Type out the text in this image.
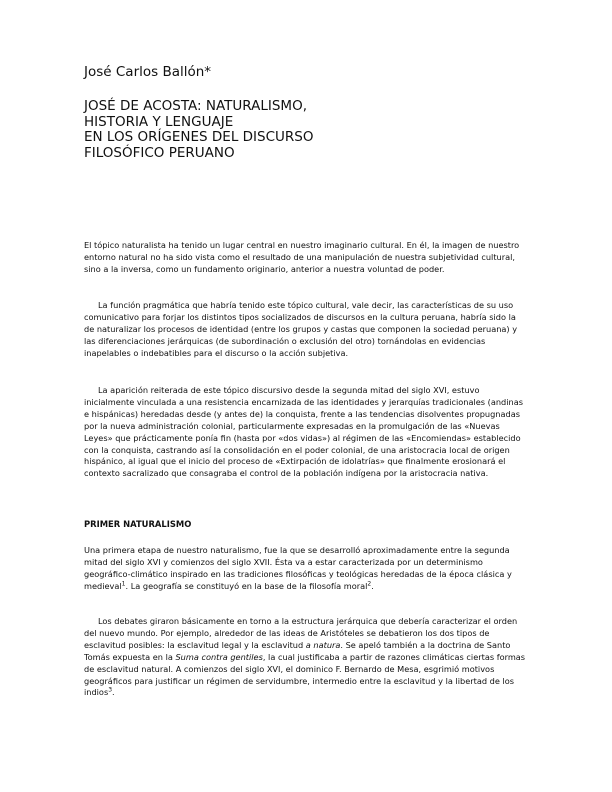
José Carlos Ballón*
JOSÉ DE ACOSTA: NATURALISMO,
HISTORIA Y LENGUAJE
EN LOS ORÍGENES DEL DISCURSO
FILOSÓFICO PERUANO

El tópico naturalista ha tenido un lugar central en nuestro imaginario cultural. En él, la imagen de nuestro entorno natural no ha sido vista como el resultado de una manipulación de nuestra subjetividad cultural, sino a la inversa, como un fundamento originario, anterior a nuestra voluntad de poder.

La función pragmática que habría tenido este tópico cultural, vale decir, las características de su uso comunicativo para forjar los distintos tipos socializados de discursos en la cultura peruana, habría sido la de naturalizar los procesos de identidad (entre los grupos y castas que componen la sociedad peruana) y las diferenciaciones jerárquicas (de subordinación o exclusión del otro) tornándolas en evidencias inapelables o indebatibles para el discurso o la acción subjetiva.

La aparición reiterada de este tópico discursivo desde la segunda mitad del siglo XVI, estuvo inicialmente vinculada a una resistencia encarnizada de las identidades y jerarquías tradicionales (andinas e hispánicas) heredadas desde (y antes de) la conquista, frente a las tendencias disolventes propugnadas por la nueva administración colonial, particularmente expresadas en la promulgación de las «Nuevas Leyes» que prácticamente ponía fin (hasta por «dos vidas») al régimen de las «Encomiendas» establecido con la conquista, castrando así la consolidación en el poder colonial, de una aristocracia local de origen hispánico, al igual que el inicio del proceso de «Extirpación de idolatrías» que finalmente erosionará el contexto sacralizado que consagraba el control de la población indígena por la aristocracia nativa.

PRIMER NATURALISMO

Una primera etapa de nuestro naturalismo, fue la que se desarrolló aproximadamente entre la segunda mitad del siglo XVI y comienzos del siglo XVII. Ésta va a estar caracterizada por un determinismo geográfico-climático inspirado en las tradiciones filosóficas y teológicas heredadas de la época clásica y medieval$^1$. La geografía se constituyó en la base de la filosofía moral$^2$.

Los debates giraron básicamente en torno a la estructura jerárquica que debería caracterizar el orden del nuevo mundo. Por ejemplo, alrededor de las ideas de Aristóteles se debatieron los dos tipos de esclavitud posibles: la esclavitud legal y la esclavitud a natura. Se apeló también a la doctrina de Santo Tomás expuesta en la Suma contra gentiles, la cual justificaba a partir de razones climáticas ciertas formas de esclavitud natural. A comienzos del siglo XVI, el dominico F. Bernardo de Mesa, esgrimió motivos geográficos para justificar un régimen de servidumbre, intermedio entre la esclavitud y la libertad de los indios$^3$.
